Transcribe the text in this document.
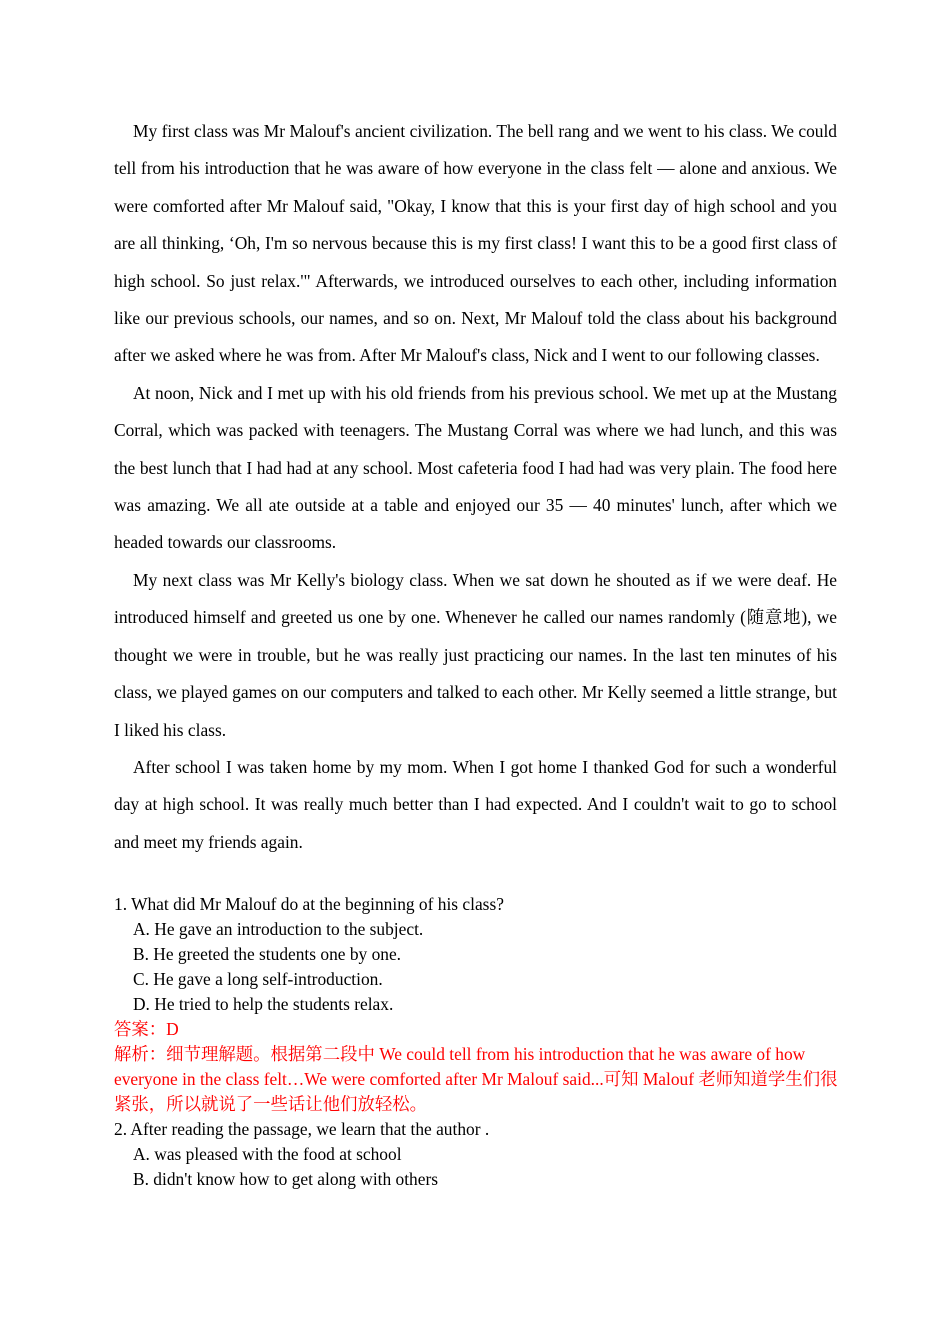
My first class was Mr Malouf's ancient civilization. The bell rang and we went to his class. We could tell from his introduction that he was aware of how everyone in the class felt — alone and anxious. We were comforted after Mr Malouf said, "Okay, I know that this is your first day of high school and you are all thinking, ‘Oh, I'm so nervous because this is my first class! I want this to be a good first class of high school. So just relax.'" Afterwards, we introduced ourselves to each other, including information like our previous schools, our names, and so on. Next, Mr Malouf told the class about his background after we asked where he was from. After Mr Malouf's class, Nick and I went to our following classes.

At noon, Nick and I met up with his old friends from his previous school. We met up at the Mustang Corral, which was packed with teenagers. The Mustang Corral was where we had lunch, and this was the best lunch that I had had at any school. Most cafeteria food I had had was very plain. The food here was amazing. We all ate outside at a table and enjoyed our 35 — 40 minutes' lunch, after which we headed towards our classrooms.

My next class was Mr Kelly's biology class. When we sat down he shouted as if we were deaf. He introduced himself and greeted us one by one. Whenever he called our names randomly (随意地), we thought we were in trouble, but he was really just practicing our names. In the last ten minutes of his class, we played games on our computers and talked to each other. Mr Kelly seemed a little strange, but I liked his class.

After school I was taken home by my mom. When I got home I thanked God for such a wonderful day at high school. It was really much better than I had expected. And I couldn't wait to go to school and meet my friends again.

1. What did Mr Malouf do at the beginning of his class?

A. He gave an introduction to the subject.

B. He greeted the students one by one.

C. He gave a long self-introduction.

D. He tried to help the students relax.

答案：D

解析：细节理解题。根据第二段中 We could tell from his introduction that he was aware of how everyone in the class felt…We were comforted after Mr Malouf said...可知 Malouf 老师知道学生们很紧张，所以就说了一些话让他们放轻松。

2. After reading the passage, we learn that the author .

A. was pleased with the food at school

B. didn't know how to get along with others
